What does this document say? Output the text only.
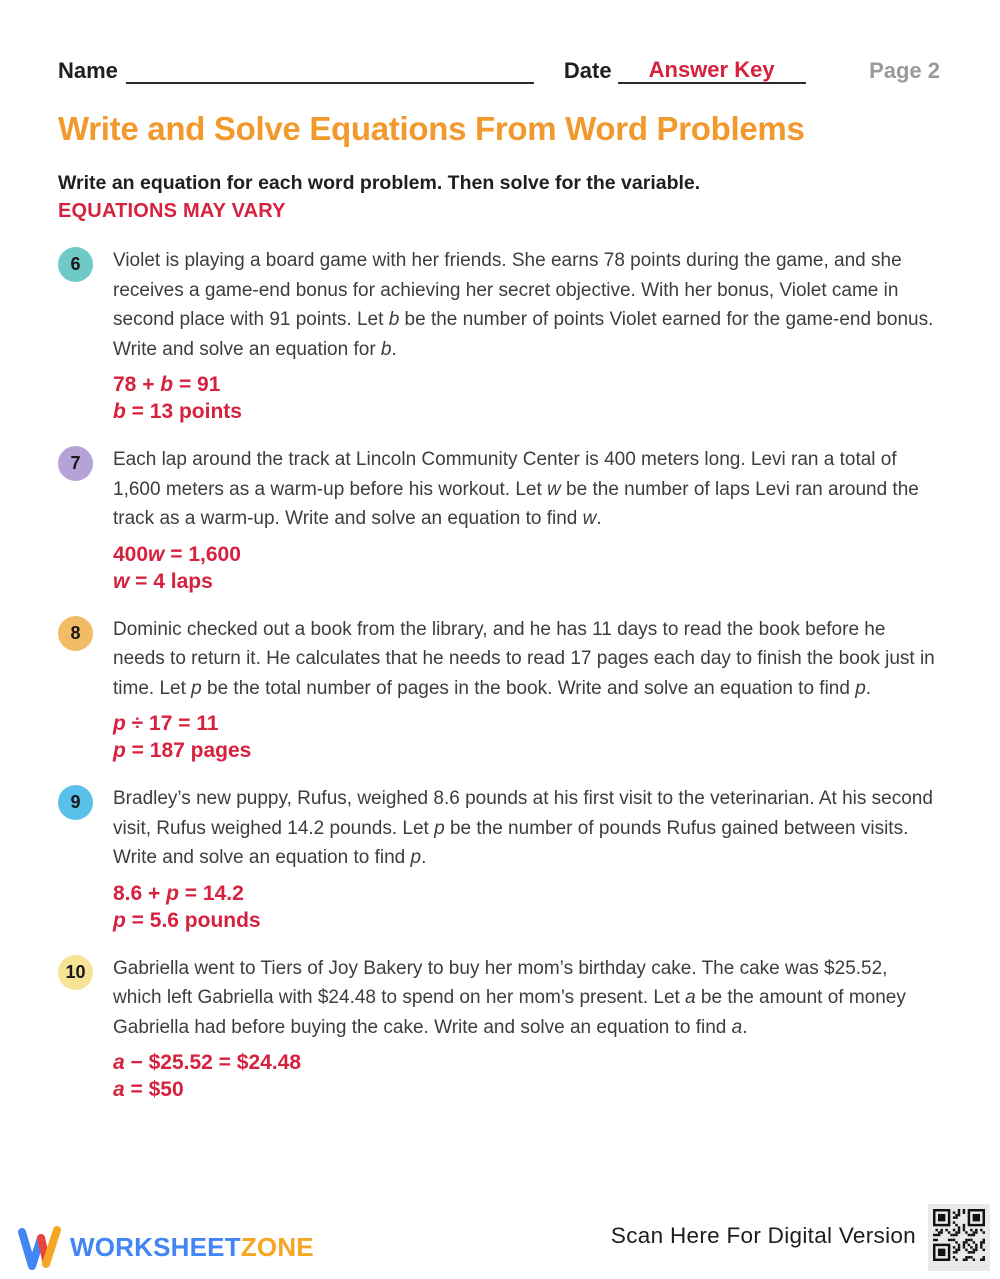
Name	Date	Answer Key	Page 2
Write and Solve Equations From Word Problems
Write an equation for each word problem. Then solve for the variable.
EQUATIONS MAY VARY
6	Violet is playing a board game with her friends. She earns 78 points during the game, and she receives a game-end bonus for achieving her secret objective. With her bonus, Violet came in second place with 91 points. Let b be the number of points Violet earned for the game-end bonus. Write and solve an equation for b.

78 + b = 91
b = 13 points
7	Each lap around the track at Lincoln Community Center is 400 meters long. Levi ran a total of 1,600 meters as a warm-up before his workout. Let w be the number of laps Levi ran around the track as a warm-up. Write and solve an equation to find w.

400w = 1,600
w = 4 laps
8	Dominic checked out a book from the library, and he has 11 days to read the book before he needs to return it. He calculates that he needs to read 17 pages each day to finish the book just in time. Let p be the total number of pages in the book. Write and solve an equation to find p.

p ÷ 17 = 11
p = 187 pages
9	Bradley’s new puppy, Rufus, weighed 8.6 pounds at his first visit to the veterinarian. At his second visit, Rufus weighed 14.2 pounds. Let p be the number of pounds Rufus gained between visits. Write and solve an equation to find p.

8.6 + p = 14.2
p = 5.6 pounds
10	Gabriella went to Tiers of Joy Bakery to buy her mom’s birthday cake. The cake was $25.52, which left Gabriella with $24.48 to spend on her mom’s present. Let a be the amount of money Gabriella had before buying the cake. Write and solve an equation to find a.

a − $25.52 = $24.48
a = $50
WORKSHEETZONE	Scan Here For Digital Version
